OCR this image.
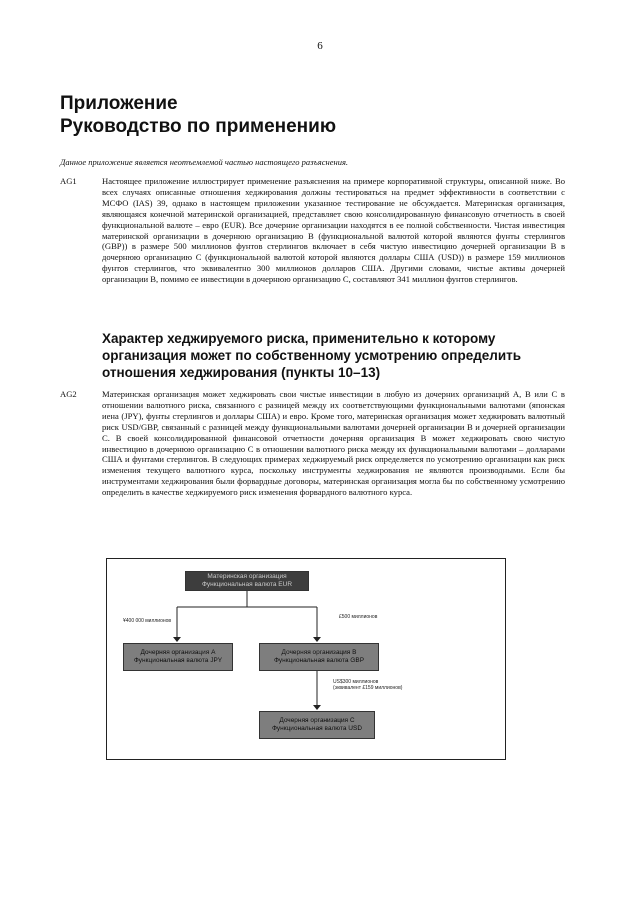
6
Приложение
Руководство по применению
Данное приложение является неотъемлемой частью настоящего разъяснения.
AG1	Настоящее приложение иллюстрирует применение разъяснения на примере корпоративной структуры, описанной ниже. Во всех случаях описанные отношения хеджирования должны тестироваться на предмет эффективности в соответствии с МСФО (IAS) 39, однако в настоящем приложении указанное тестирование не обсуждается. Материнская организация, являющаяся конечной материнской организацией, представляет свою консолидированную финансовую отчетность в своей функциональной валюте – евро (EUR). Все дочерние организации находятся в ее полной собственности. Чистая инвестиция материнской организации в дочернюю организацию В (функциональной валютой которой являются фунты стерлингов (GBP)) в размере 500 миллионов фунтов стерлингов включает в себя чистую инвестицию дочерней организации В в дочернюю организацию С (функциональной валютой которой являются доллары США (USD)) в размере 159 миллионов фунтов стерлингов, что эквивалентно 300 миллионов долларов США. Другими словами, чистые активы дочерней организации В, помимо ее инвестиции в дочернюю организацию С, составляют 341 миллион фунтов стерлингов.
Характер хеджируемого риска, применительно к которому организация может по собственному усмотрению определить отношения хеджирования (пункты 10–13)
AG2	Материнская организация может хеджировать свои чистые инвестиции в любую из дочерних организаций А, В или С в отношении валютного риска, связанного с разницей между их соответствующими функциональными валютами (японская иена (JPY), фунты стерлингов и доллары США) и евро. Кроме того, материнская организация может хеджировать валютный риск USD/GBP, связанный с разницей между функциональными валютами дочерней организации В и дочерней организации С. В своей консолидированной финансовой отчетности дочерняя организация В может хеджировать свою чистую инвестицию в дочернюю организацию С в отношении валютного риска между их функциональными валютами – долларами США и фунтами стерлингов. В следующих примерах хеджируемый риск определяется по усмотрению организации как риск изменения текущего валютного курса, поскольку инструменты хеджирования не являются производными. Если бы инструментами хеджирования были форвардные договоры, материнская организация могла бы по собственному усмотрению определить в качестве хеджируемого риск изменения форвардного валютного курса.
Материнская организация
Функциональная валюта EUR
¥400 000 миллионов
£500 миллионов
Дочерняя организация А
Функциональная валюта JPY
Дочерняя организация В
Функциональная валюта GBP
US$300 миллионов
(эквивалент £159 миллионов)
Дочерняя организация С
Функциональная валюта USD
